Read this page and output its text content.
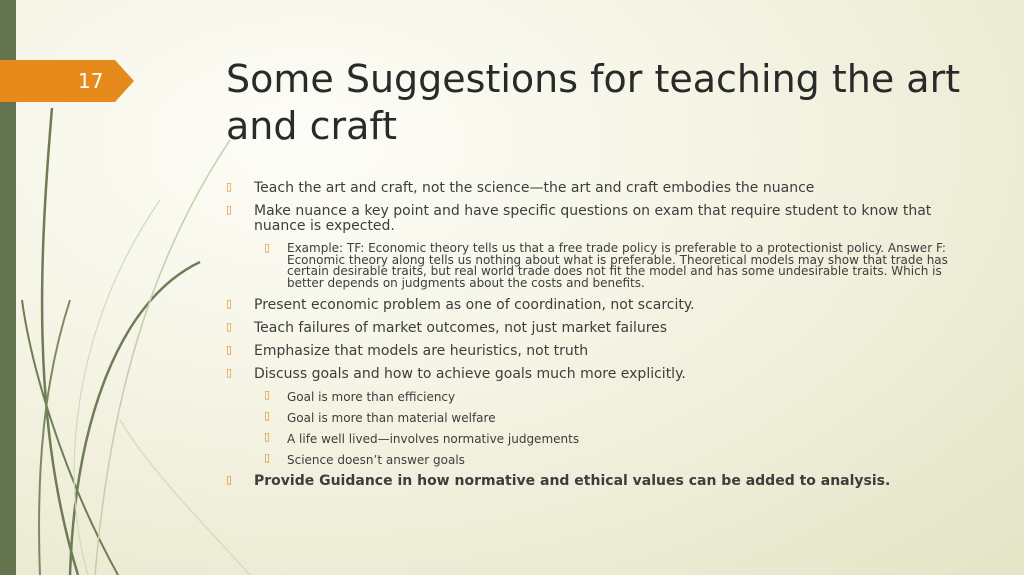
17	Some Suggestions for teaching the art and craft
▯ Teach the art and craft, not the science—the art and craft embodies the nuance
▯ Make nuance a key point and have specific questions on exam that require student to know that nuance is expected.
▯ Example: TF: Economic theory tells us that a free trade policy is preferable to a protectionist policy. Answer F: Economic theory along tells us nothing about what is preferable. Theoretical models may show that trade has certain desirable traits, but real world trade does not fit the model and has some undesirable traits. Which is better depends on judgments about the costs and benefits.
▯ Present economic problem as one of coordination, not scarcity.
▯ Teach failures of market outcomes, not just market failures
▯ Emphasize that models are heuristics, not truth
▯ Discuss goals and how to achieve goals much more explicitly.
▯ Goal is more than efficiency
▯ Goal is more than material welfare
▯ A life well lived—involves normative judgements
▯ Science doesn’t answer goals
▯ Provide Guidance in how normative and ethical values can be added to analysis.
